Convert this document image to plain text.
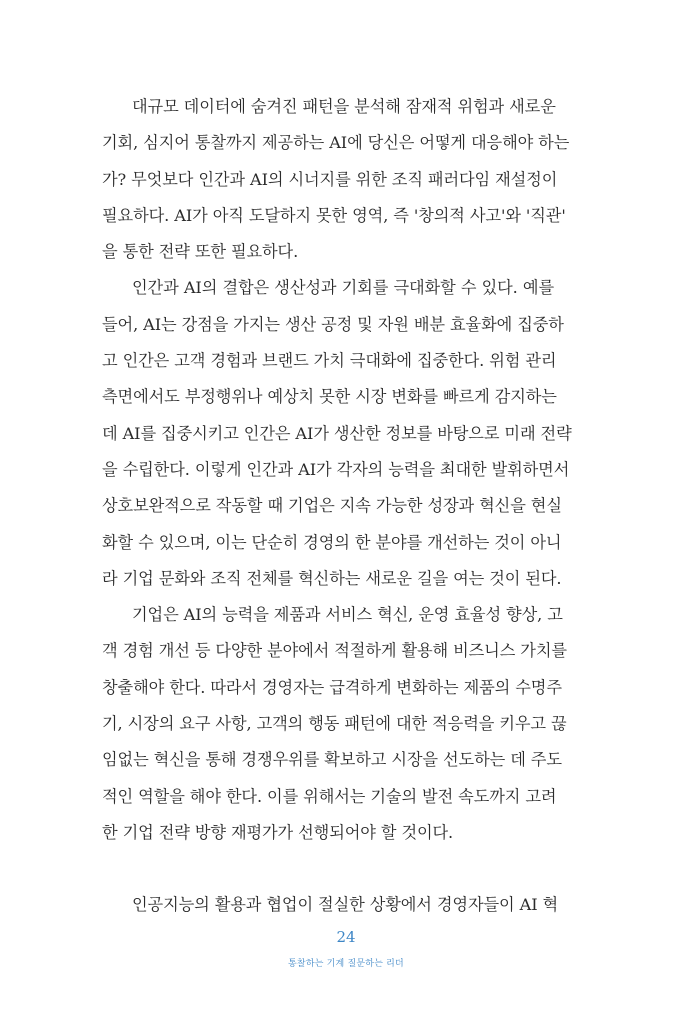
대규모 데이터에 숨겨진 패턴을 분석해 잠재적 위험과 새로운
기회, 심지어 통찰까지 제공하는 AI에 당신은 어떻게 대응해야 하는
가? 무엇보다 인간과 AI의 시너지를 위한 조직 패러다임 재설정이
필요하다. AI가 아직 도달하지 못한 영역, 즉 '창의적 사고'와 '직관'
을 통한 전략 또한 필요하다.
인간과 AI의 결합은 생산성과 기회를 극대화할 수 있다. 예를
들어, AI는 강점을 가지는 생산 공정 및 자원 배분 효율화에 집중하
고 인간은 고객 경험과 브랜드 가치 극대화에 집중한다. 위험 관리
측면에서도 부정행위나 예상치 못한 시장 변화를 빠르게 감지하는
데 AI를 집중시키고 인간은 AI가 생산한 정보를 바탕으로 미래 전략
을 수립한다. 이렇게 인간과 AI가 각자의 능력을 최대한 발휘하면서
상호보완적으로 작동할 때 기업은 지속 가능한 성장과 혁신을 현실
화할 수 있으며, 이는 단순히 경영의 한 분야를 개선하는 것이 아니
라 기업 문화와 조직 전체를 혁신하는 새로운 길을 여는 것이 된다.
기업은 AI의 능력을 제품과 서비스 혁신, 운영 효율성 향상, 고
객 경험 개선 등 다양한 분야에서 적절하게 활용해 비즈니스 가치를
창출해야 한다. 따라서 경영자는 급격하게 변화하는 제품의 수명주
기, 시장의 요구 사항, 고객의 행동 패턴에 대한 적응력을 키우고 끊
임없는 혁신을 통해 경쟁우위를 확보하고 시장을 선도하는 데 주도
적인 역할을 해야 한다. 이를 위해서는 기술의 발전 속도까지 고려
한 기업 전략 방향 재평가가 선행되어야 할 것이다.
인공지능의 활용과 협업이 절실한 상황에서 경영자들이 AI 혁
24
통찰하는 기계 질문하는 리더
